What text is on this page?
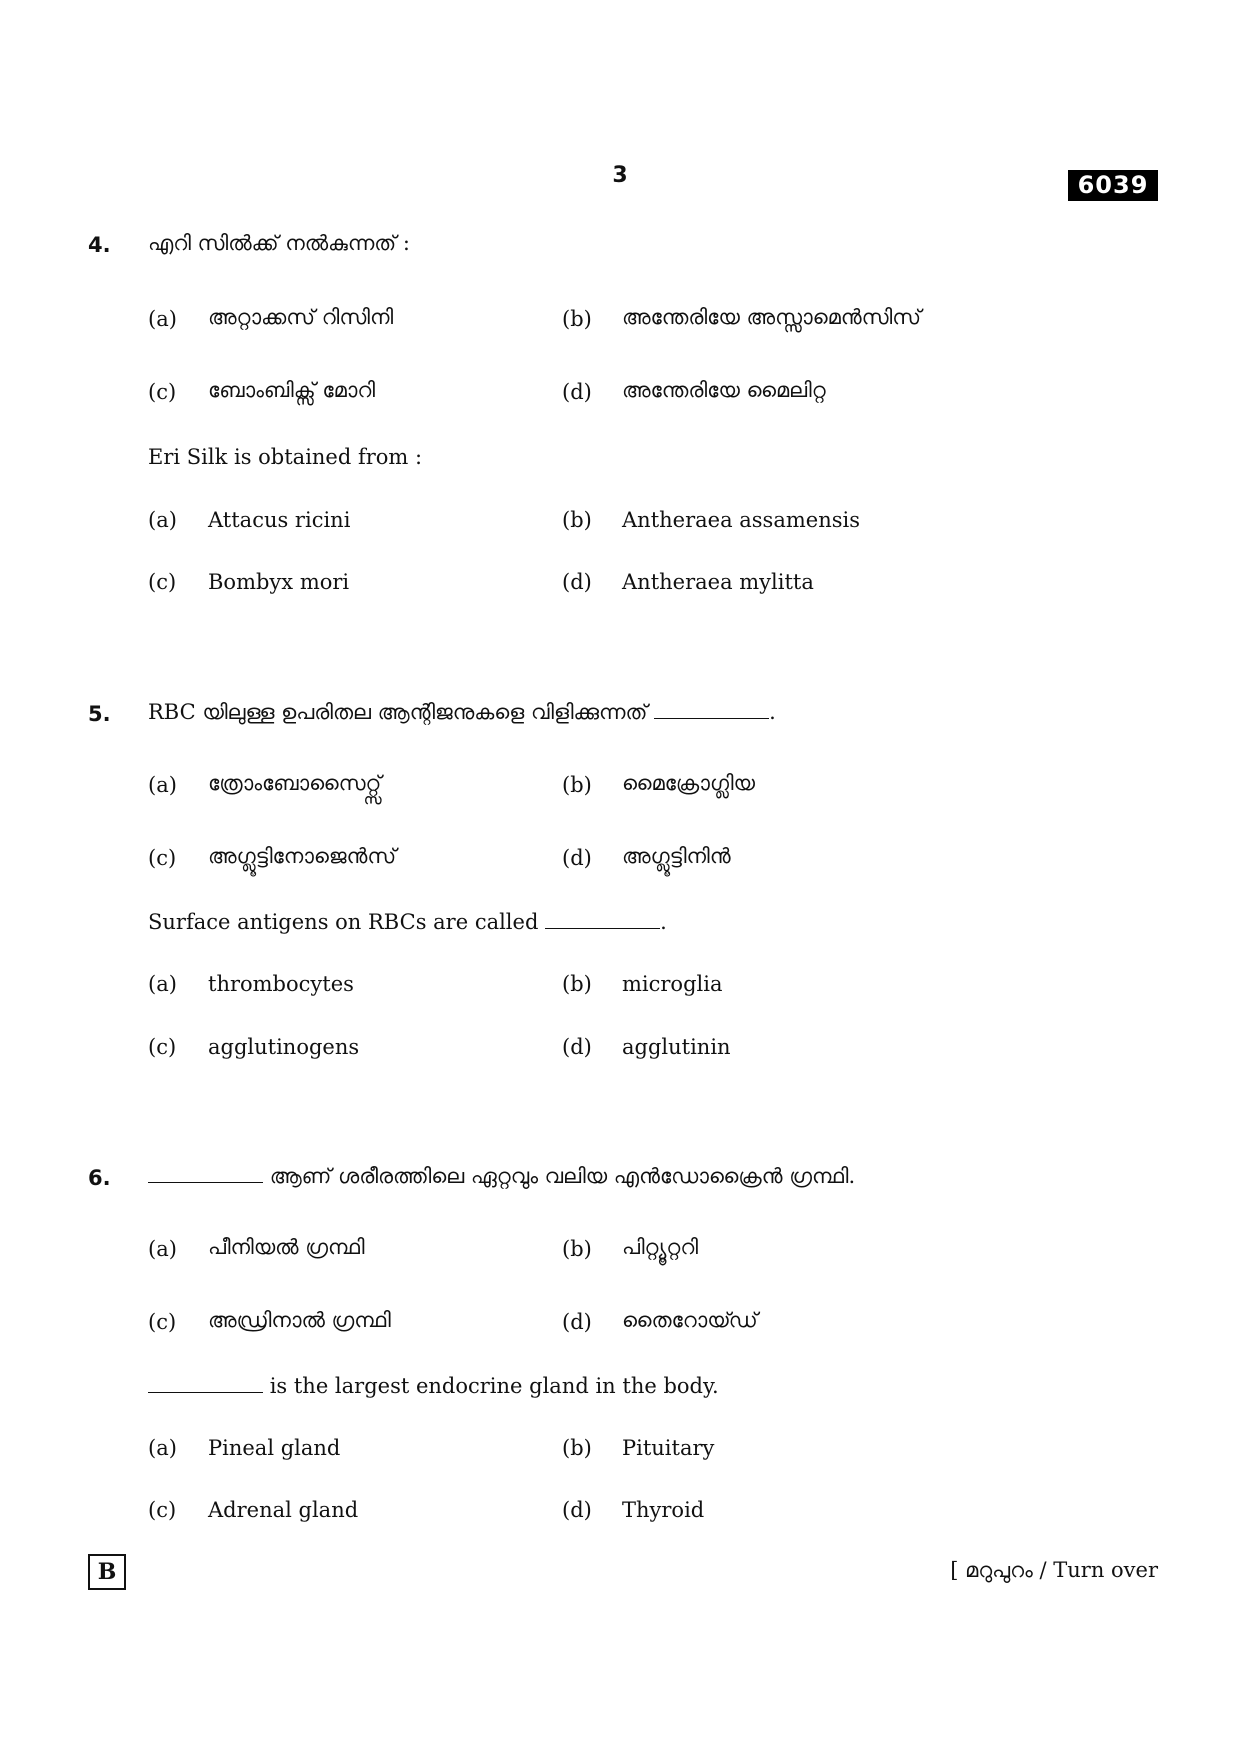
3	6039
4. എറി സിൽക്ക് നൽകുന്നത് :
(a) അറ്റാക്കസ് റിസിനി	(b) അന്തേരിയേ അസ്സാമെൻസിസ്
(c) ബോംബിക്സ് മോറി	(d) അന്തേരിയേ മൈലിറ്റ
Eri Silk is obtained from :
(a) Attacus ricini	(b) Antheraea assamensis
(c) Bombyx mori	(d) Antheraea mylitta
5. RBC യിലുള്ള ഉപരിതല ആന്റിജനുകളെ വിളിക്കുന്നത്	.
(a) ത്രോംബോസൈറ്റ്സ്	(b) മൈക്രോഗ്ലിയ
(c) അഗ്ലൂട്ടിനോജെൻസ്	(d) അഗ്ലൂട്ടിനിൻ
Surface antigens on RBCs are called	.
(a) thrombocytes	(b) microglia
(c) agglutinogens	(d) agglutinin
6.	ആണ് ശരീരത്തിലെ ഏറ്റവും വലിയ എൻഡോക്രൈൻ ഗ്രന്ഥി.
(a) പീനിയൽ ഗ്രന്ഥി	(b) പിറ്റ്യൂറ്ററി
(c) അഡ്രിനാൽ ഗ്രന്ഥി	(d) തൈറോയ്ഡ്
is the largest endocrine gland in the body.
(a) Pineal gland	(b) Pituitary
(c) Adrenal gland	(d) Thyroid
B	[ മറുപുറം / Turn over
